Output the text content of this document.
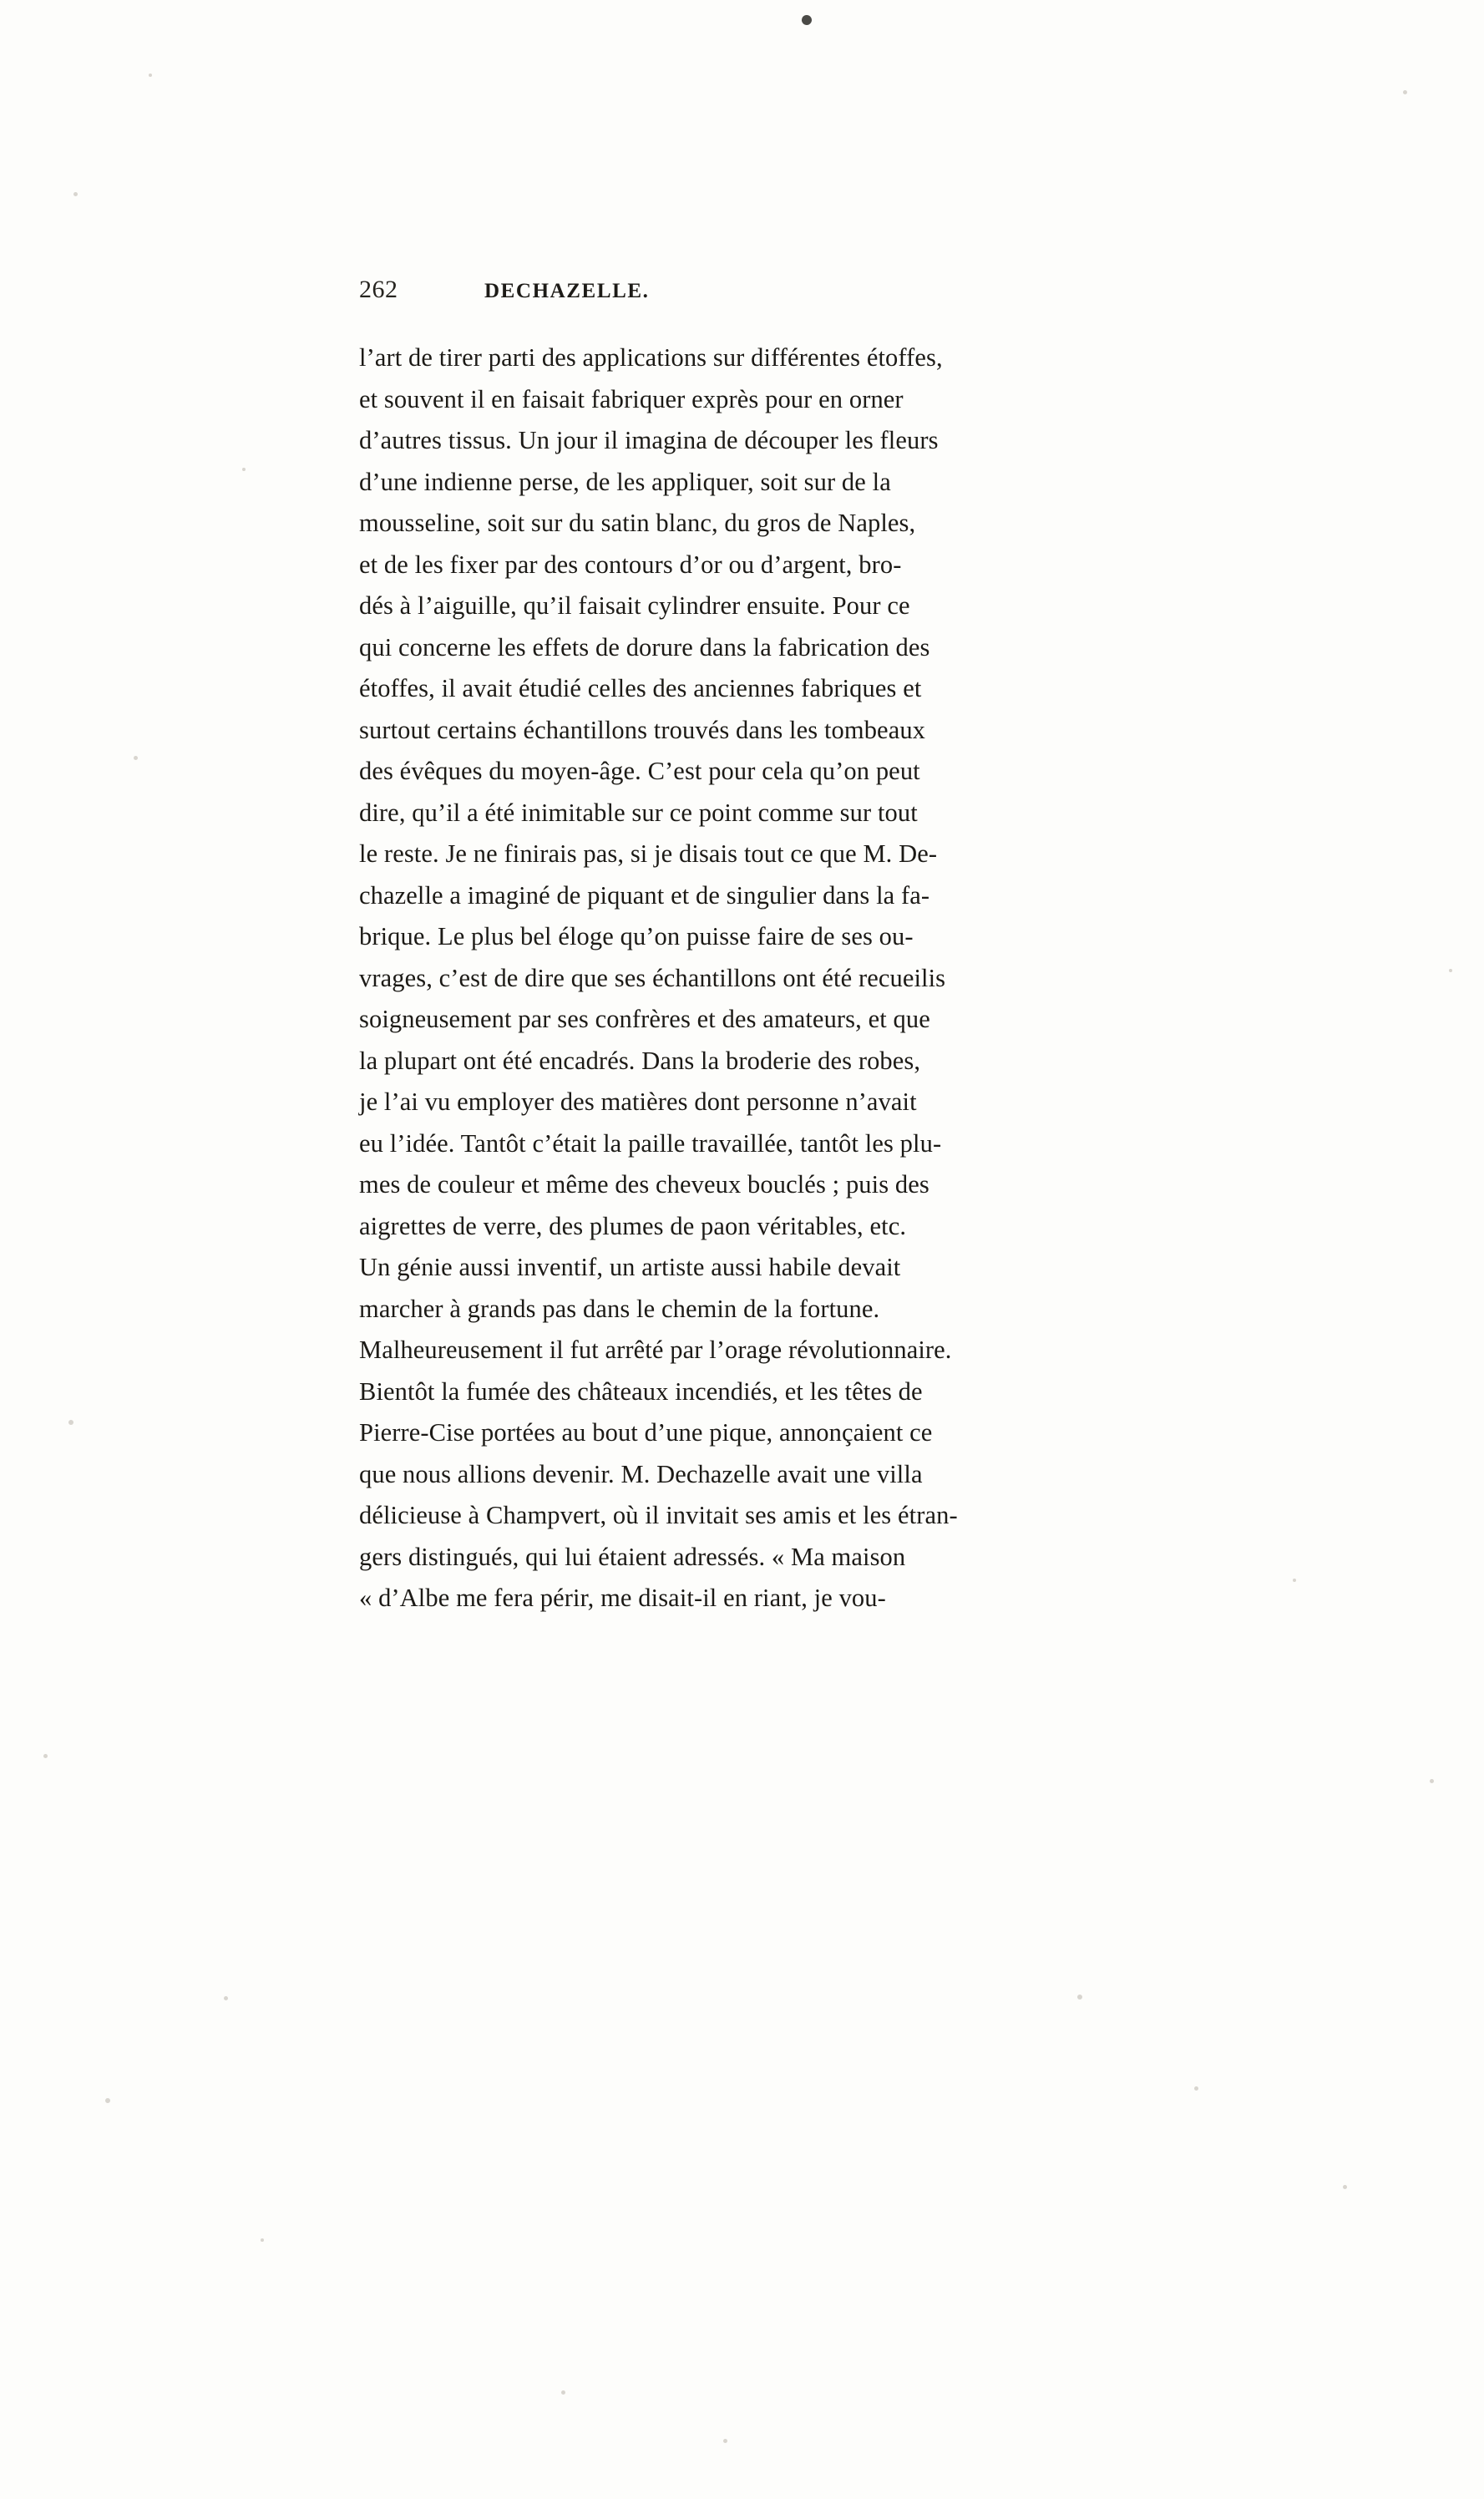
262	DECHAZELLE.

l’art de tirer parti des applications sur différentes étoffes,
et souvent il en faisait fabriquer exprès pour en orner
d’autres tissus. Un jour il imagina de découper les fleurs
d’une indienne perse, de les appliquer, soit sur de la
mousseline, soit sur du satin blanc, du gros de Naples,
et de les fixer par des contours d’or ou d’argent, bro-
dés à l’aiguille, qu’il faisait cylindrer ensuite. Pour ce
qui concerne les effets de dorure dans la fabrication des
étoffes, il avait étudié celles des anciennes fabriques et
surtout certains échantillons trouvés dans les tombeaux
des évêques du moyen-âge. C’est pour cela qu’on peut
dire, qu’il a été inimitable sur ce point comme sur tout
le reste. Je ne finirais pas, si je disais tout ce que M. De-
chazelle a imaginé de piquant et de singulier dans la fa-
brique. Le plus bel éloge qu’on puisse faire de ses ou-
vrages, c’est de dire que ses échantillons ont été recueilis
soigneusement par ses confrères et des amateurs, et que
la plupart ont été encadrés. Dans la broderie des robes,
je l’ai vu employer des matières dont personne n’avait
eu l’idée. Tantôt c’était la paille travaillée, tantôt les plu-
mes de couleur et même des cheveux bouclés ; puis des
aigrettes de verre, des plumes de paon véritables, etc.
Un génie aussi inventif, un artiste aussi habile devait
marcher à grands pas dans le chemin de la fortune.
Malheureusement il fut arrêté par l’orage révolutionnaire.
Bientôt la fumée des châteaux incendiés, et les têtes de
Pierre-Cise portées au bout d’une pique, annonçaient ce
que nous allions devenir. M. Dechazelle avait une villa
délicieuse à Champvert, où il invitait ses amis et les étran-
gers distingués, qui lui étaient adressés. « Ma maison
« d’Albe me fera périr, me disait-il en riant, je vou-
